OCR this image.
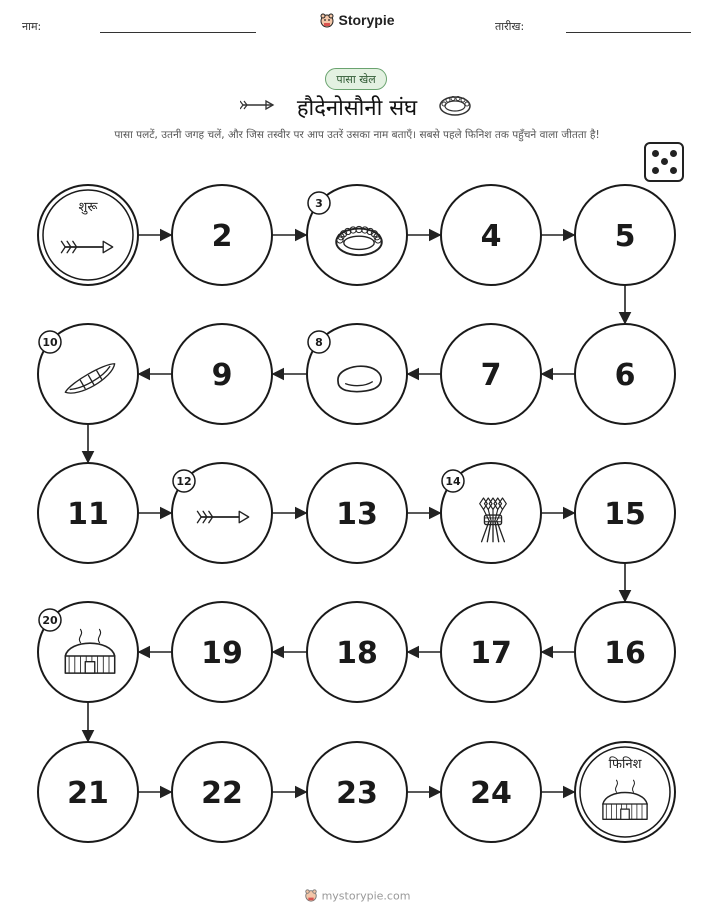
नाम:	Storypie	तारीख:
पासा खेल
हौदेनोसौनी संघ
पासा पलटें, उतनी जगह चलें, और जिस तस्वीर पर आप उतरें उसका नाम बताएँ। सबसे पहले फिनिश तक पहुँचने वाला जीतता है!
शुरू
2
3
4	5
6
7
8
9
10
11
12
13
14
15
16
17
18
19
20
21	22	23	24
फिनिश
mystorypie.com
